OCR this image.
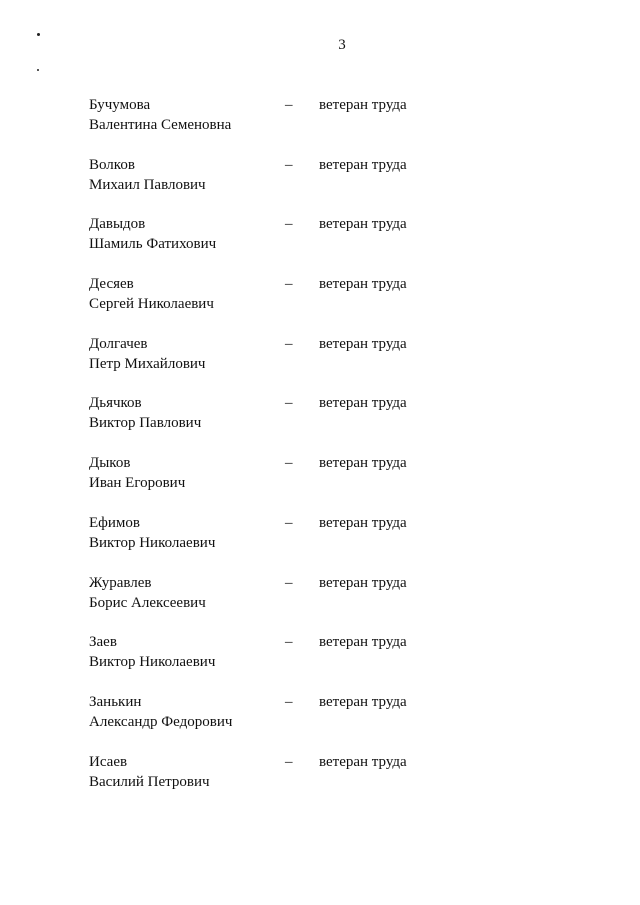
3
Бучумова
Валентина Семеновна
– ветеран труда
Волков
Михаил Павлович
– ветеран труда
Давыдов
Шамиль Фатихович
– ветеран труда
Десяев
Сергей Николаевич
– ветеран труда
Долгачев
Петр Михайлович
– ветеран труда
Дьячков
Виктор Павлович
– ветеран труда
Дыков
Иван Егорович
– ветеран труда
Ефимов
Виктор Николаевич
– ветеран труда
Журавлев
Борис Алексеевич
– ветеран труда
Заев
Виктор Николаевич
– ветеран труда
Занькин
Александр Федорович
– ветеран труда
Исаев
Василий Петрович
– ветеран труда
